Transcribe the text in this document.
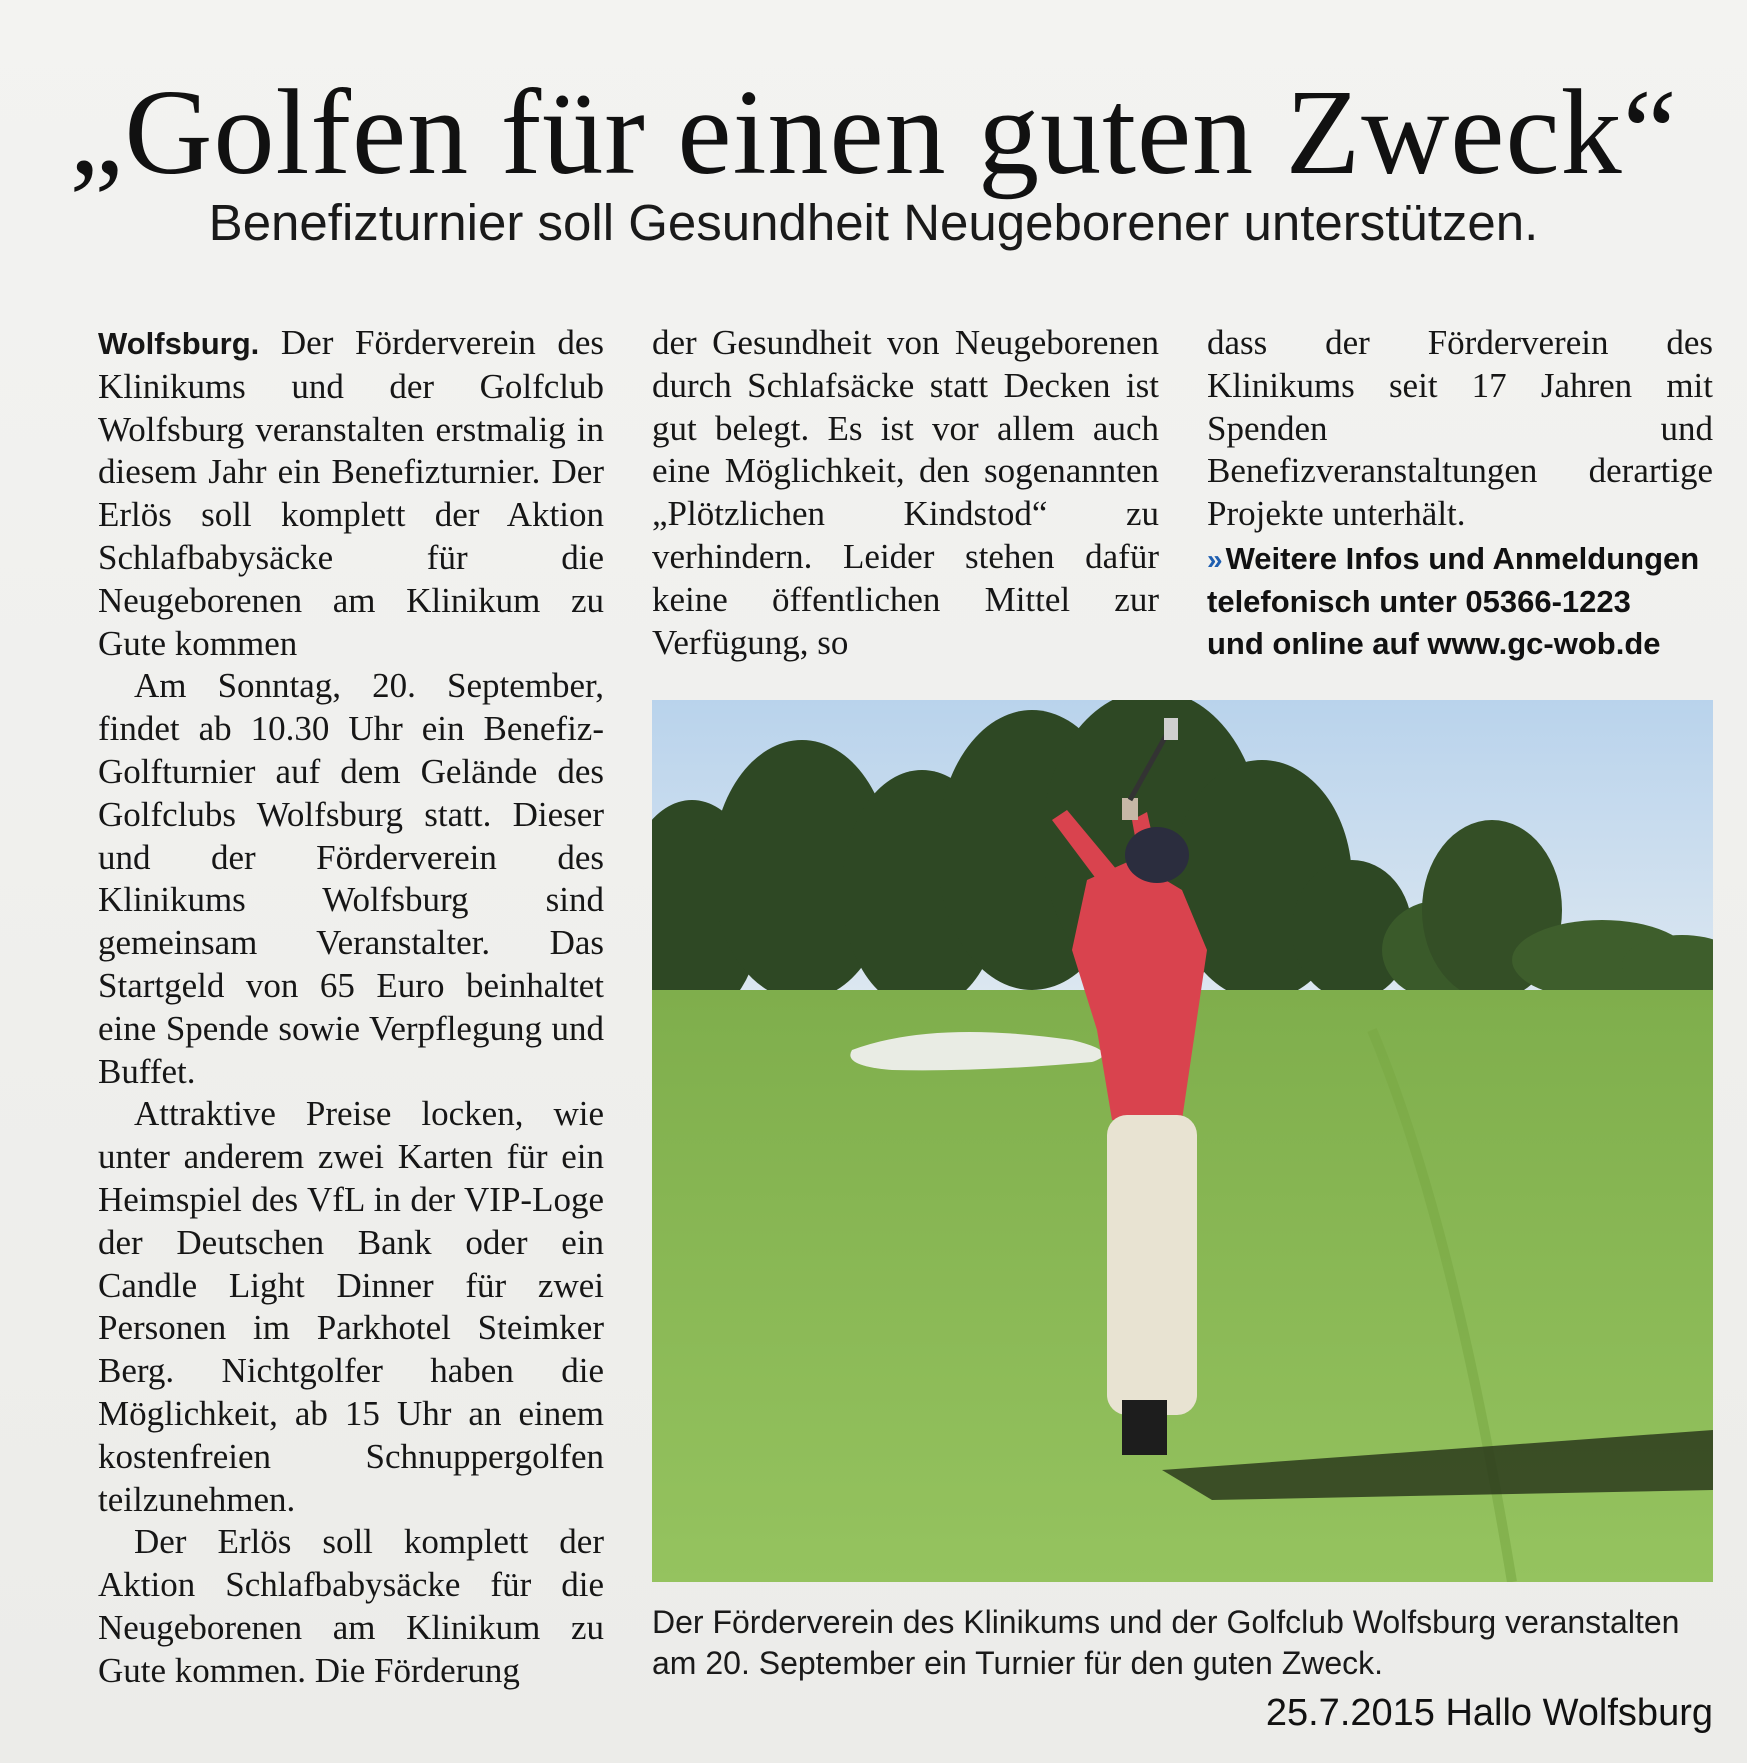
„Golfen für einen guten Zweck“
Benefizturnier soll Gesundheit Neugeborener unterstützen.

Wolfsburg. Der Förderverein des Klinikums und der Golfclub Wolfsburg veranstalten erstmalig in diesem Jahr ein Benefizturnier. Der Erlös soll komplett der Aktion Schlafbabysäcke für die Neugeborenen am Klinikum zu Gute kommen

Am Sonntag, 20. September, findet ab 10.30 Uhr ein Benefiz-Golfturnier auf dem Gelände des Golfclubs Wolfsburg statt. Dieser und der Förderverein des Klinikums Wolfsburg sind gemeinsam Veranstalter. Das Startgeld von 65 Euro beinhaltet eine Spende sowie Verpflegung und Buffet.

Attraktive Preise locken, wie unter anderem zwei Karten für ein Heimspiel des VfL in der VIP-Loge der Deutschen Bank oder ein Candle Light Dinner für zwei Personen im Parkhotel Steimker Berg. Nichtgolfer haben die Möglichkeit, ab 15 Uhr an einem kostenfreien Schnuppergolfen teilzunehmen.

Der Erlös soll komplett der Aktion Schlafbabysäcke für die Neugeborenen am Klinikum zu Gute kommen. Die Förderung

der Gesundheit von Neugeborenen durch Schlafsäcke statt Decken ist gut belegt. Es ist vor allem auch eine Möglichkeit, den sogenannten „Plötzlichen Kindstod“ zu verhindern. Leider stehen dafür keine öffentlichen Mittel zur Verfügung, so

dass der Förderverein des Klinikums seit 17 Jahren mit Spenden und Benefizveranstaltungen derartige Projekte unterhält.

» Weitere Infos und Anmeldungen
telefonisch unter 05366-1223
und online auf www.gc-wob.de
Der Förderverein des Klinikums und der Golfclub Wolfsburg veranstalten am 20. September ein Turnier für den guten Zweck.
25.7.2015 Hallo Wolfsburg
